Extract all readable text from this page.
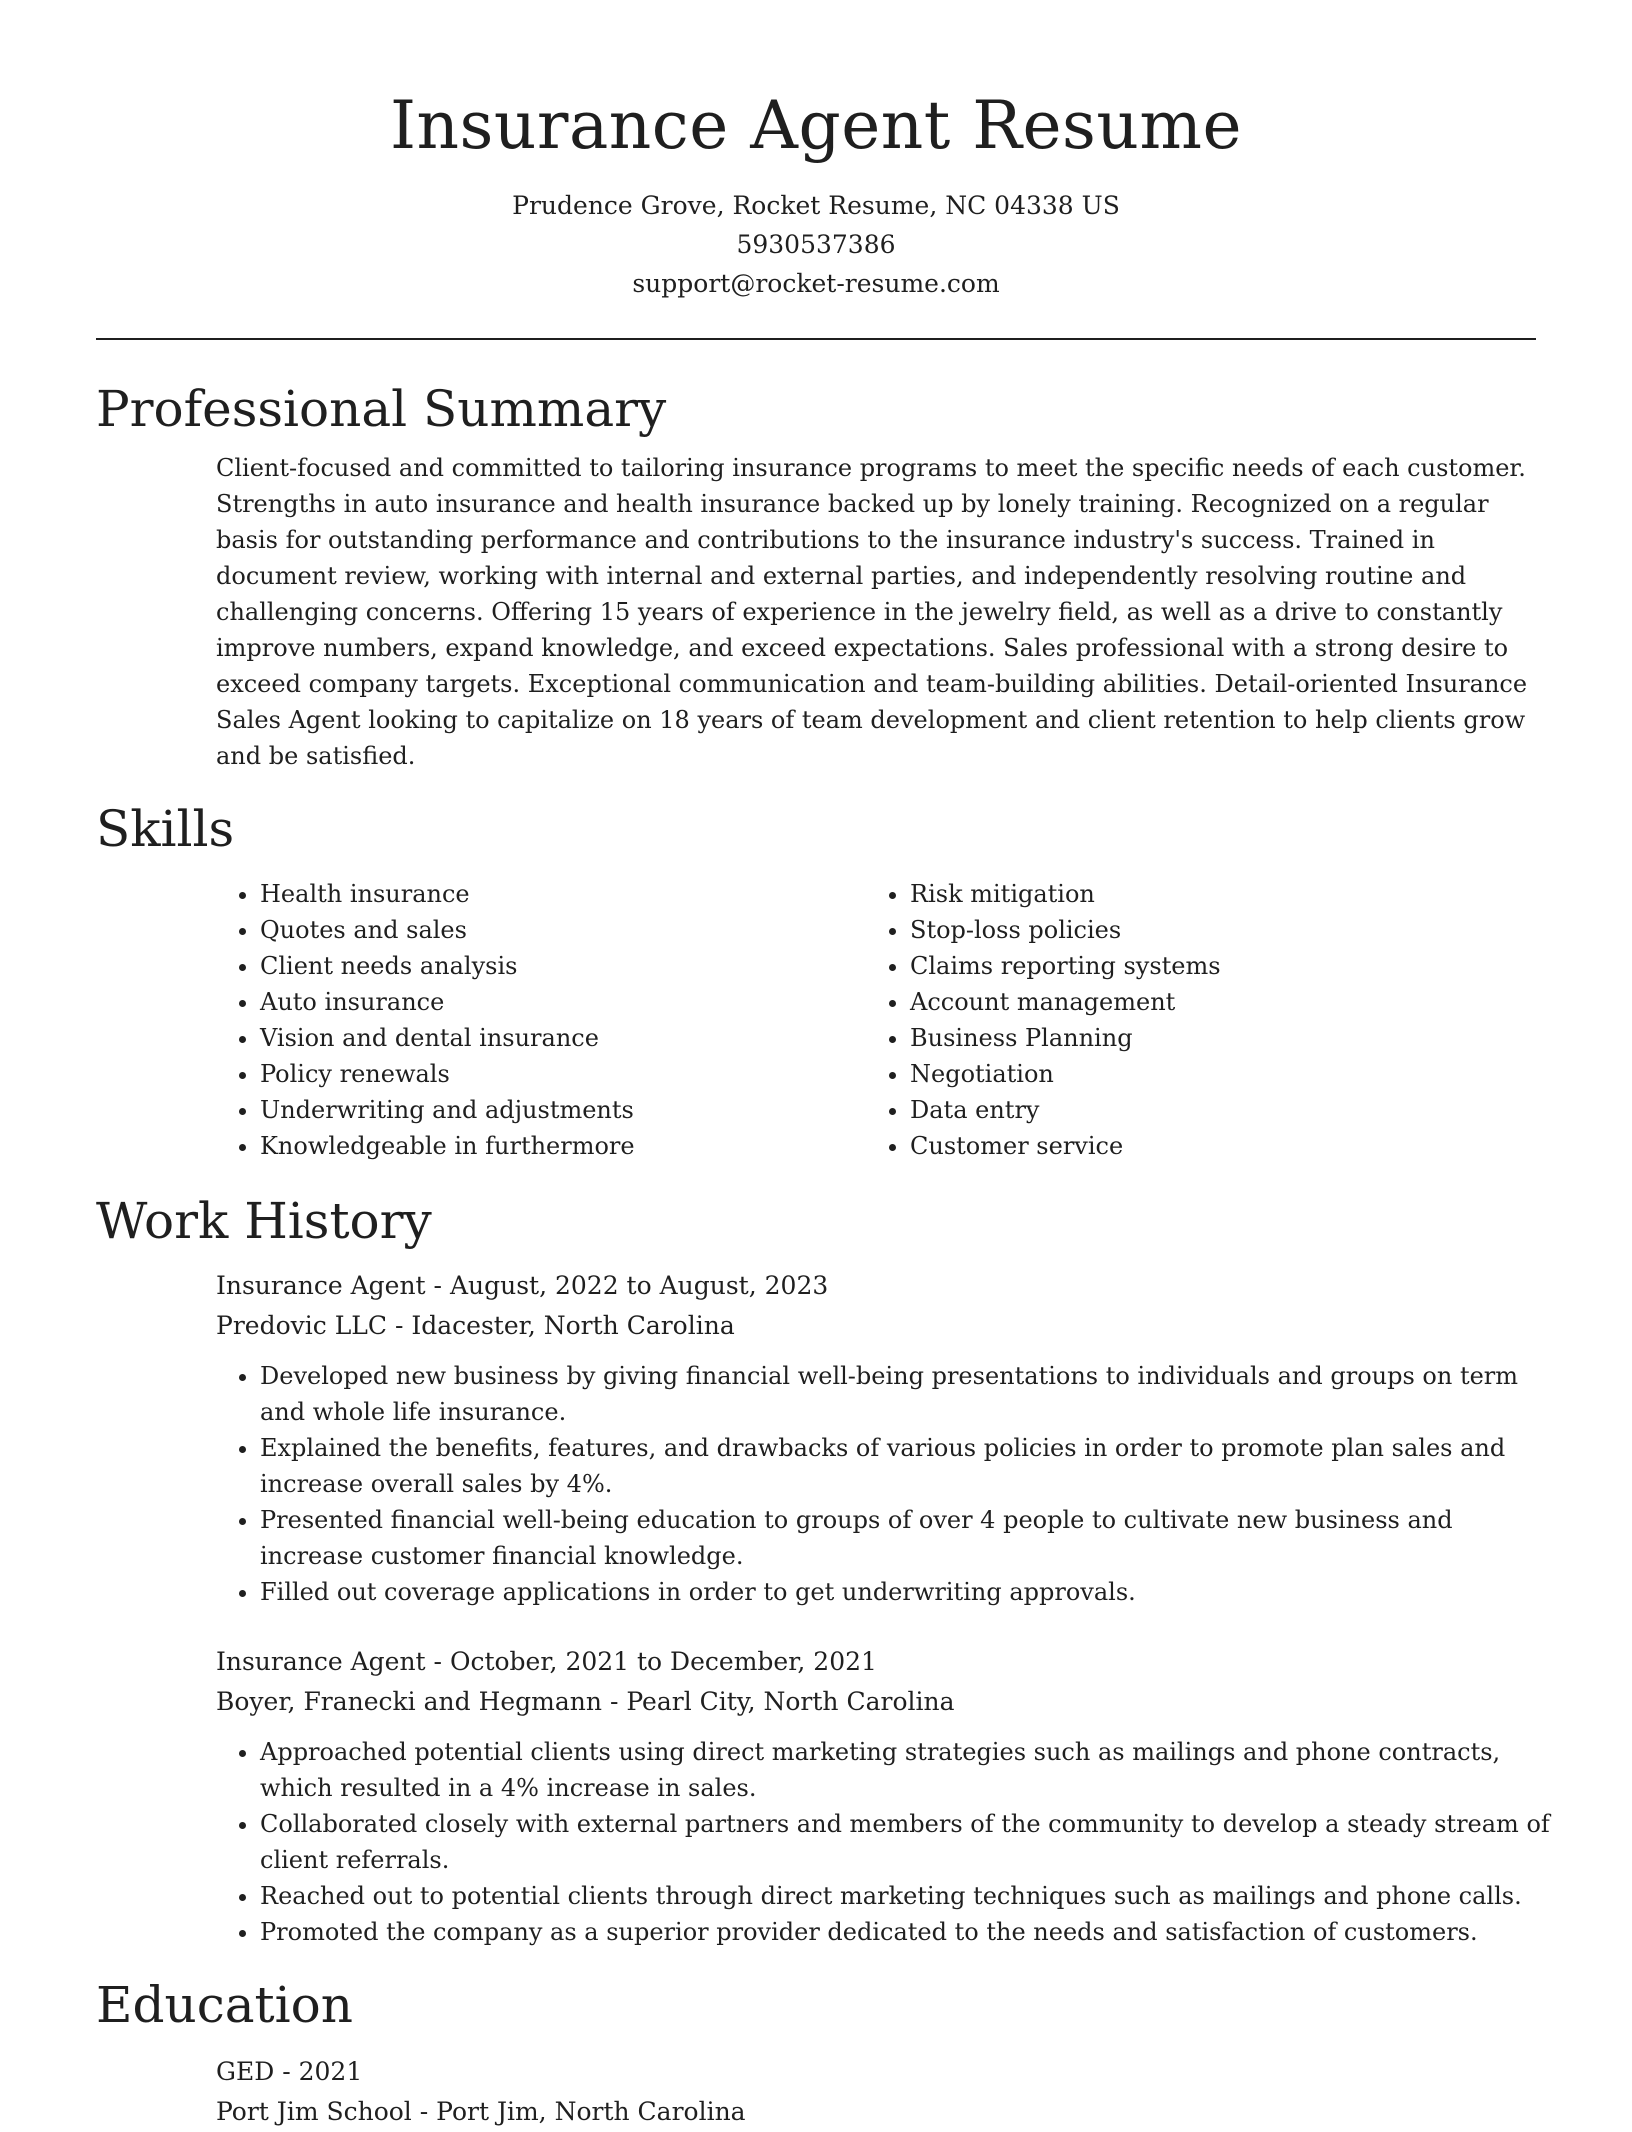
Insurance Agent Resume
Prudence Grove, Rocket Resume, NC 04338 US
5930537386
support@rocket-resume.com
Professional Summary

Client-focused and committed to tailoring insurance programs to meet the specific needs of each customer. Strengths in auto insurance and health insurance backed up by lonely training. Recognized on a regular basis for outstanding performance and contributions to the insurance industry's success. Trained in document review, working with internal and external parties, and independently resolving routine and challenging concerns. Offering 15 years of experience in the jewelry field, as well as a drive to constantly improve numbers, expand knowledge, and exceed expectations. Sales professional with a strong desire to exceed company targets. Exceptional communication and team-building abilities. Detail-oriented Insurance Sales Agent looking to capitalize on 18 years of team development and client retention to help clients grow and be satisfied.

Skills
• Health insurance
• Quotes and sales
• Client needs analysis
• Auto insurance
• Vision and dental insurance
• Policy renewals
• Underwriting and adjustments
• Knowledgeable in furthermore
• Risk mitigation
• Stop-loss policies
• Claims reporting systems
• Account management
• Business Planning
• Negotiation
• Data entry
• Customer service
Work History
Insurance Agent - August, 2022 to August, 2023
Predovic LLC - Idacester, North Carolina
• Developed new business by giving financial well-being presentations to individuals and groups on term and whole life insurance.
• Explained the benefits, features, and drawbacks of various policies in order to promote plan sales and increase overall sales by 4%.
• Presented financial well-being education to groups of over 4 people to cultivate new business and increase customer financial knowledge.
• Filled out coverage applications in order to get underwriting approvals.
Insurance Agent - October, 2021 to December, 2021
Boyer, Franecki and Hegmann - Pearl City, North Carolina
• Approached potential clients using direct marketing strategies such as mailings and phone contracts, which resulted in a 4% increase in sales.
• Collaborated closely with external partners and members of the community to develop a steady stream of client referrals.
• Reached out to potential clients through direct marketing techniques such as mailings and phone calls.
• Promoted the company as a superior provider dedicated to the needs and satisfaction of customers.
Education
GED - 2021
Port Jim School - Port Jim, North Carolina
